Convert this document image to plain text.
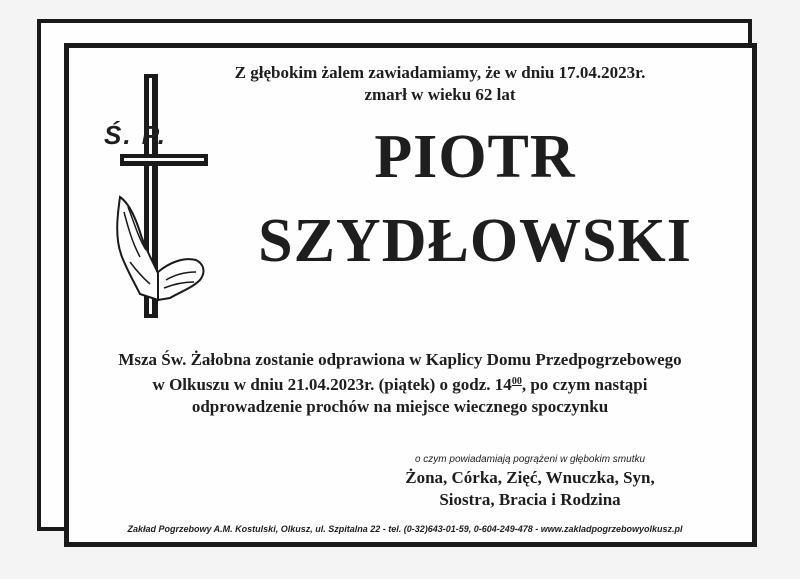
Z głębokim żalem zawiadamiamy, że w dniu 17.04.2023r.
zmarł w wieku 62 lat
Ś. P.	PIOTR
SZYDŁOWSKI
Msza Św. Żałobna zostanie odprawiona w Kaplicy Domu Przedpogrzebowego
w Olkuszu w dniu 21.04.2023r. (piątek) o godz. $14^{00}$, po czym nastąpi
odprowadzenie prochów na miejsce wiecznego spoczynku
o czym powiadamiają pogrążeni w głębokim smutku
Żona, Córka, Zięć, Wnuczka, Syn,
Siostra, Bracia i Rodzina
Zakład Pogrzebowy A.M. Kostulski, Olkusz, ul. Szpitalna 22 - tel. (0-32)643-01-59, 0-604-249-478 - www.zakladpogrzebowyolkusz.pl
